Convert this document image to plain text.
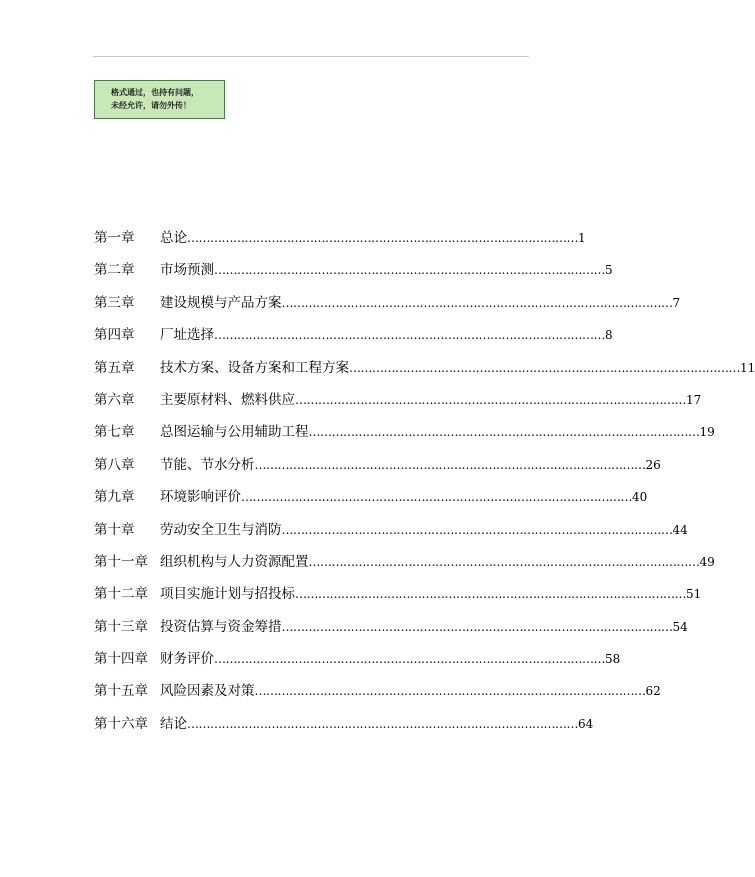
格式通过，也持有问题，
未经允许，请勿外传！
第一章	总论 ………………………………………………………………………………………… 1
第二章	市场预测 ………………………………………………………………………………………… 5
第三章	建设规模与产品方案 ………………………………………………………………………………………… 7
第四章	厂址选择 ………………………………………………………………………………………… 8
第五章	技术方案、设备方案和工程方案 ………………………………………………………………………………………… 11
第六章	主要原材料、燃料供应 ………………………………………………………………………………………… 17
第七章	总图运输与公用辅助工程 ………………………………………………………………………………………… 19
第八章	节能、节水分析 ………………………………………………………………………………………… 26
第九章	环境影响评价 ………………………………………………………………………………………… 40
第十章	劳动安全卫生与消防 ………………………………………………………………………………………… 44
第十一章 组织机构与人力资源配置 ………………………………………………………………………………………… 49
第十二章 项目实施计划与招投标 ………………………………………………………………………………………… 51
第十三章 投资估算与资金筹措 ………………………………………………………………………………………… 54
第十四章 财务评价 ………………………………………………………………………………………… 58
第十五章 风险因素及对策 ………………………………………………………………………………………… 62
第十六章 结论 ………………………………………………………………………………………… 64
